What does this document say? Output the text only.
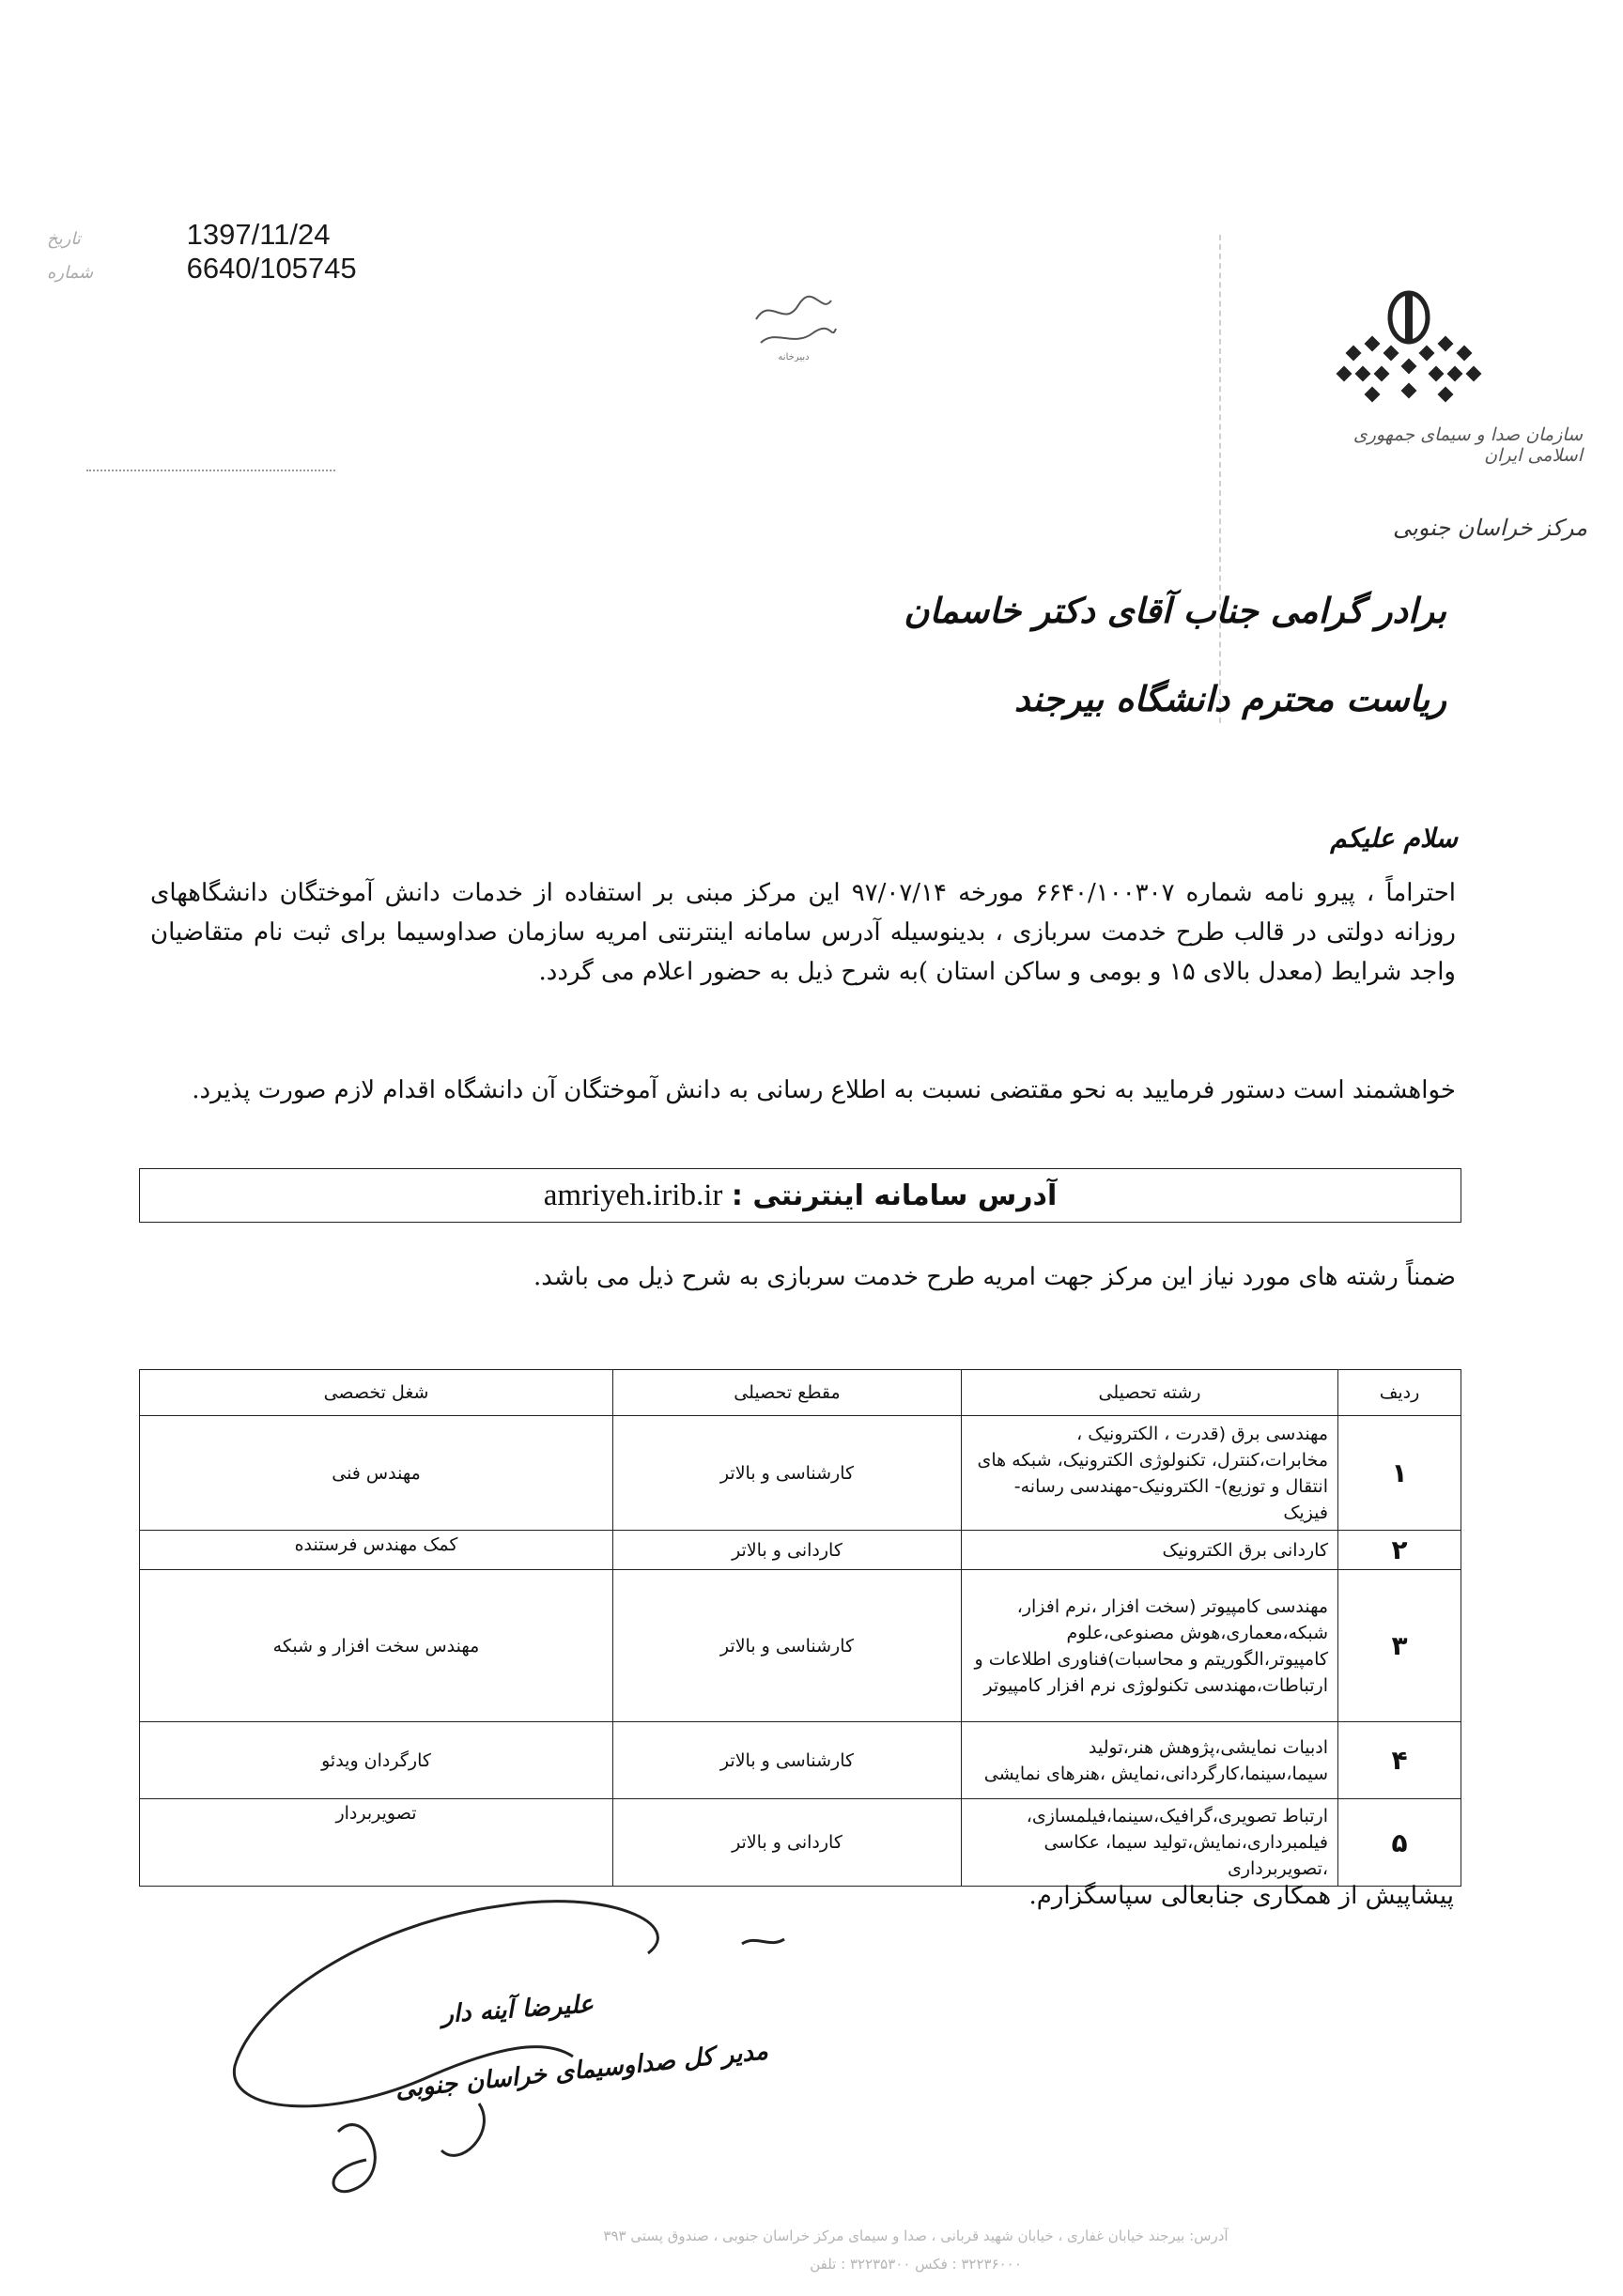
تاریخ	1397/11/24
شماره	6640/105745
دبیرخانه
سازمان صدا و سیمای جمهوری اسلامی ایران
مرکز خراسان جنوبی
برادر گرامی جناب آقای دکتر خاسمان
ریاست محترم دانشگاه بیرجند
سلام علیکم
احتراماً ، پیرو نامه شماره ۶۶۴۰/۱۰۰۳۰۷ مورخه ۹۷/۰۷/۱۴ این مرکز مبنی بر استفاده از خدمات دانش آموختگان دانشگاههای روزانه دولتی در قالب طرح خدمت سربازی ، بدینوسیله آدرس سامانه اینترنتی امریه سازمان صداوسیما برای ثبت نام متقاضیان واجد شرایط (معدل بالای ۱۵ و بومی و ساکن استان )به شرح ذیل به حضور اعلام می گردد.
خواهشمند است دستور فرمایید به نحو مقتضی نسبت به اطلاع رسانی به دانش آموختگان آن دانشگاه اقدام لازم صورت پذیرد.
آدرس سامانه اینترنتی : amriyeh.irib.ir
ضمناً رشته های مورد نیاز این مرکز جهت امریه طرح خدمت سربازی به شرح ذیل می باشد.
ردیف	رشته تحصیلی	مقطع تحصیلی	شغل تخصصی
۱	مهندسی برق (قدرت ، الکترونیک ، مخابرات،کنترل، تکنولوژی الکترونیک، شبکه های انتقال و توزیع)- الکترونیک-مهندسی رسانه- فیزیک	کارشناسی و بالاتر	مهندس فنی
۲	کاردانی برق الکترونیک	کاردانی و بالاتر	کمک مهندس فرستنده
۳	مهندسی کامپیوتر (سخت افزار ،نرم افزار، شبکه،معماری،هوش مصنوعی،علوم کامپیوتر،الگوریتم و محاسبات)فناوری اطلاعات و ارتباطات،مهندسی تکنولوژی نرم افزار کامپیوتر	کارشناسی و بالاتر	مهندس سخت افزار و شبکه
۴	ادبیات نمایشی،پژوهش هنر،تولید سیما،سینما،کارگردانی،نمایش ،هنرهای نمایشی	کارشناسی و بالاتر	کارگردان ویدئو
۵	ارتباط تصویری،گرافیک،سینما،فیلمسازی، فیلمبرداری،نمایش،تولید سیما، عکاسی ،تصویربرداری	کاردانی و بالاتر	تصویربردار
پیشاپیش از همکاری جنابعالی سپاسگزارم.
علیرضا آینه دار
مدیر کل صداوسیمای خراسان جنوبی
آدرس: بیرجند خیابان غفاری ، خیابان شهید قربانی ، صدا و سیمای مرکز خراسان جنوبی ، صندوق پستی ۳۹۳
۳۲۲۳۶۰۰۰ : فکس ۳۲۲۳۵۳۰۰ : تلفن
